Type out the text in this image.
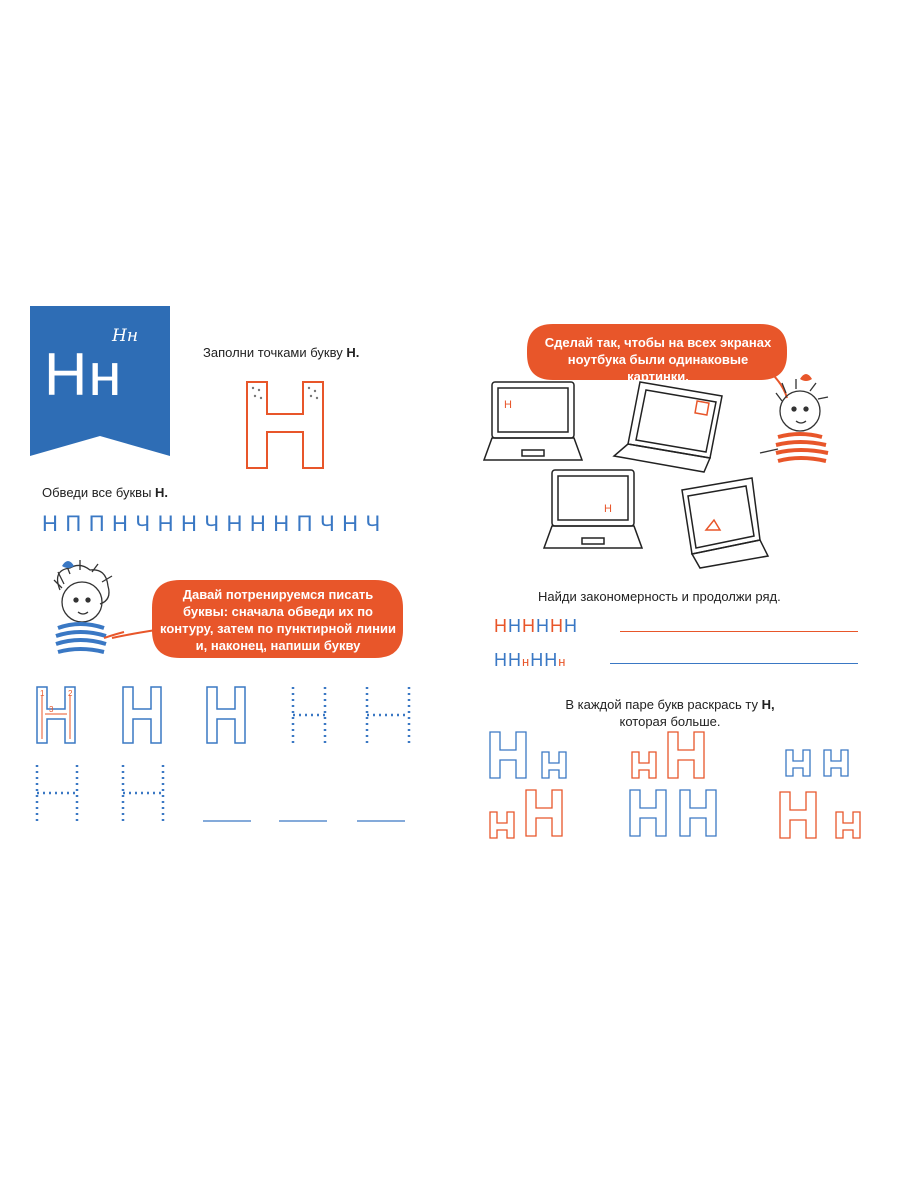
Нн
Нн
Заполни точками букву Н.
Обведи все буквы Н.
НППНЧННЧНННПЧНЧ
Давай потренируемся писать буквы: сначала обведи их по контуру, затем по пунктирной линии и, наконец, напиши букву самостоятельно!
1	2
3
Сделай так, чтобы на всех экранах ноутбука были одинаковые картинки.
Н
Н
Найди закономерность и продолжи ряд.
НННННН
ННнННн
В каждой паре букв раскрась ту Н,
которая больше.
